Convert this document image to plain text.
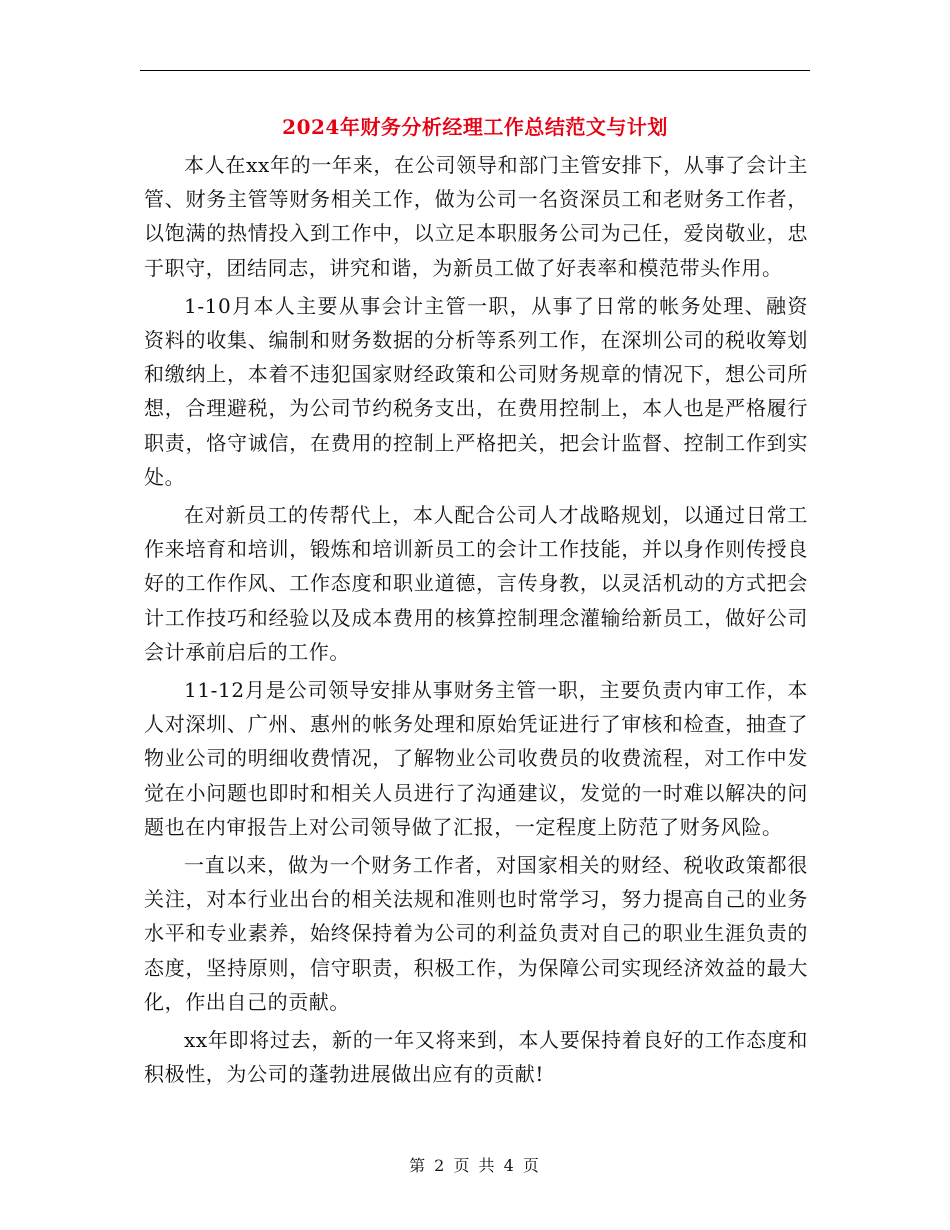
2024年财务分析经理工作总结范文与计划

本人在xx年的一年来，在公司领导和部门主管安排下，从事了会计主管、财务主管等财务相关工作，做为公司一名资深员工和老财务工作者，以饱满的热情投入到工作中，以立足本职服务公司为己任，爱岗敬业，忠于职守，团结同志，讲究和谐，为新员工做了好表率和模范带头作用。

1-10月本人主要从事会计主管一职，从事了日常的帐务处理、融资资料的收集、编制和财务数据的分析等系列工作，在深圳公司的税收筹划和缴纳上，本着不违犯国家财经政策和公司财务规章的情况下，想公司所想，合理避税，为公司节约税务支出，在费用控制上，本人也是严格履行职责，恪守诚信，在费用的控制上严格把关，把会计监督、控制工作到实处。

在对新员工的传帮代上，本人配合公司人才战略规划，以通过日常工作来培育和培训，锻炼和培训新员工的会计工作技能，并以身作则传授良好的工作作风、工作态度和职业道德，言传身教，以灵活机动的方式把会计工作技巧和经验以及成本费用的核算控制理念灌输给新员工，做好公司会计承前启后的工作。

11-12月是公司领导安排从事财务主管一职，主要负责内审工作，本人对深圳、广州、惠州的帐务处理和原始凭证进行了审核和检查，抽查了物业公司的明细收费情况，了解物业公司收费员的收费流程，对工作中发觉在小问题也即时和相关人员进行了沟通建议，发觉的一时难以解决的问题也在内审报告上对公司领导做了汇报，一定程度上防范了财务风险。

一直以来，做为一个财务工作者，对国家相关的财经、税收政策都很关注，对本行业出台的相关法规和准则也时常学习，努力提高自己的业务水平和专业素养，始终保持着为公司的利益负责对自己的职业生涯负责的态度，坚持原则，信守职责，积极工作，为保障公司实现经济效益的最大化，作出自己的贡献。

xx年即将过去，新的一年又将来到，本人要保持着良好的工作态度和积极性，为公司的蓬勃进展做出应有的贡献!

第 2 页 共 4 页
